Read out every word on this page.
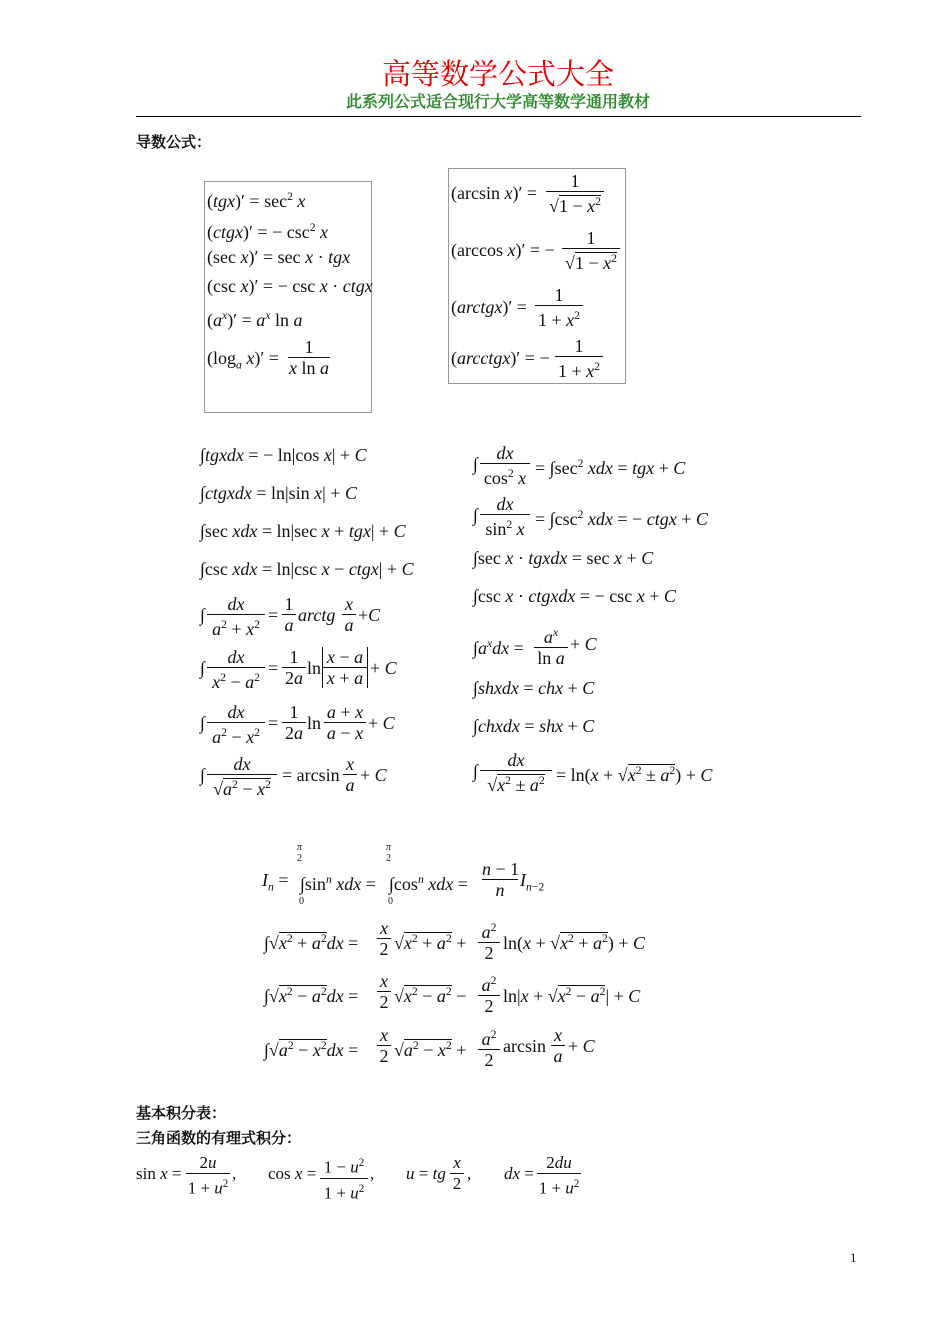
高等数学公式大全
此系列公式适合现行大学高等数学通用教材
导数公式：
$(tgx)' = \sec^2 x$
(ctgx)′ = − $\csc^2 x$
(sec x)′ = sec x · tgx
(csc x)′ = − csc x · ctgx
$(a^x)' = a^x$ ln a
($\log_a$ x)′ =
1
x ln a
(arcsin x)′ =
1
$√1 - x^2$
(arccos x)′ = −
1
$√1 - x^2$
(arctgx)′ =
1
$1 + x^2$
(arcctgx)′ = −
1
$1 + x^2$
∫tgxdx = − ln|cos x| + C
∫ctgxdx = ln|sin x| + C
∫sec xdx = ln|sec x + tgx| + C
∫csc xdx = ln|csc x − ctgx| + C
∫
dx
$a^2 + x^2$ =
1
a arctg
x
a +C
∫
dx
$x^2 - a^2$ =
1
2a ln
x − a
x + a + C
∫
dx
$a^2 - x^2$ =
1
2a ln
a + x
a − x + C
∫
dx
$√a^2 - x^2 = \arcsin$
x
a + C
∫
dx
$\cos^2 x = \int\sec^2$ xdx = tgx + C
∫
dx
$\sin^2 x = \int\csc^2$ xdx = − ctgx + C
∫sec x · tgxdx = sec x + C
∫csc x · ctgxdx = − csc x + C
$\int a^xdx$ =
$a^x$
ln a
+ C
∫shxdx = chx + C
∫chxdx = shx + C
∫
dx
$√x^2 \pm a^2 = \ln(x + √x^2 \pm a^2) + C$
$I_n$ =
π
2
0
$\int\sin^n$ xdx =
π
2
0
$\int\cos^n$ xdx =
n − 1
n $I_{n-2}$
$\int√x^2 + a^2dx$ =
x
2 $√x^2 + a^2$ +
$a^2$
2 $\ln(x + √x^2 + a^2) + C$
$\int√x^2 - a^2dx$ =
x
2 $√x^2 - a^2$ −
$a^2$
2 $\ln|x + √x^2 - a^2| + C$
$\int√a^2 - x^2dx$ =
x
2 $√a^2 - x^2$ +
$a^2$
2
arcsin
x
a + C
基本积分表：
三角函数的有理式积分：
sin x =
2u
$1 + u^2$
, $\cos x = 1 - u^2$
$1 + u^2$
, u = tg
x
2
, dx =
2du
$1 + u^2$
1
